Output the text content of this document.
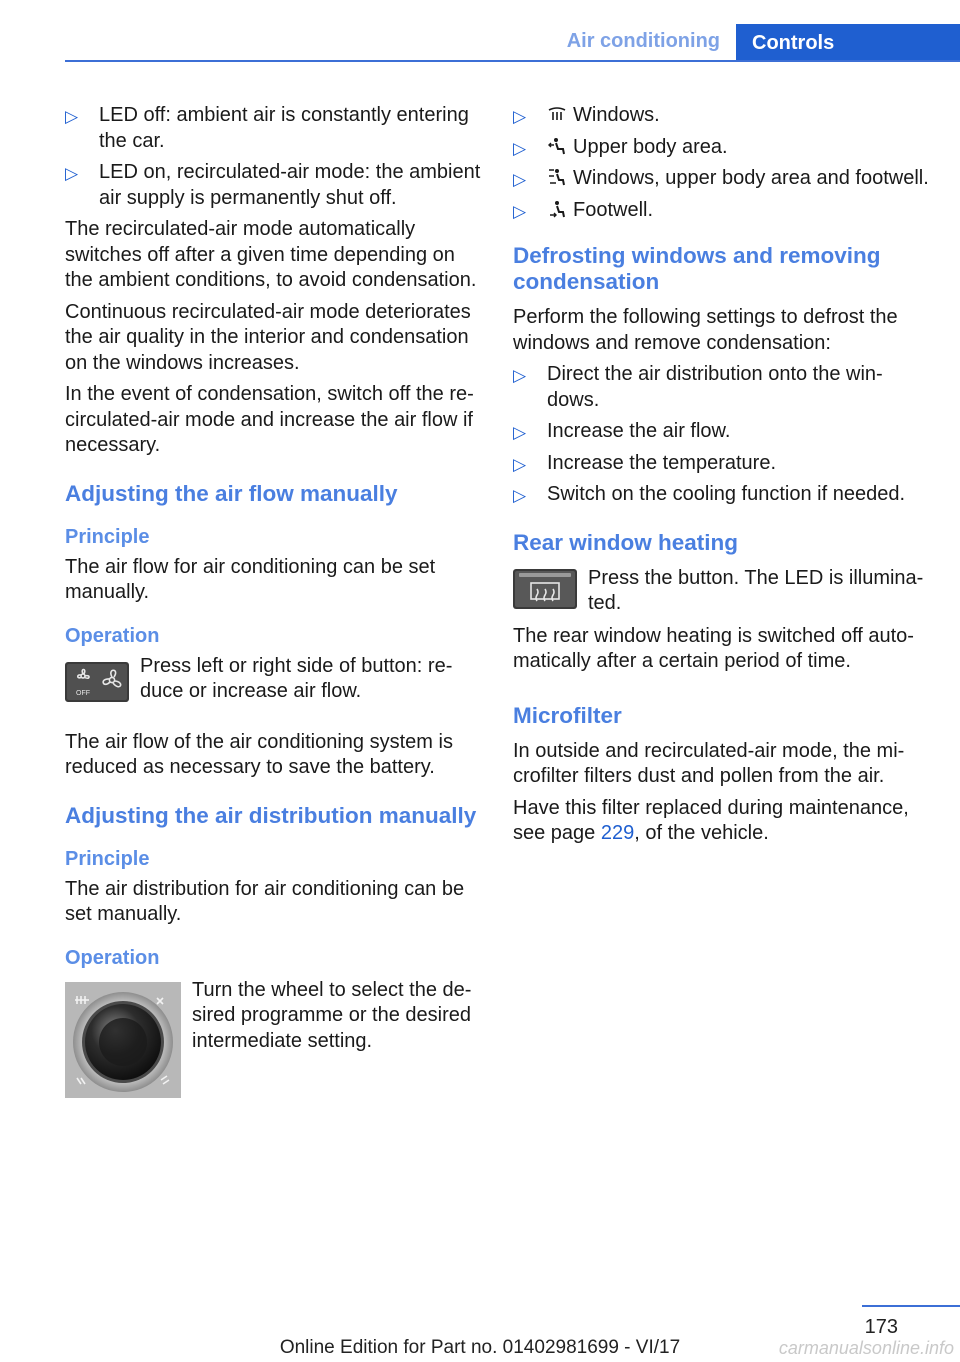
Air conditioning	Controls
▷ LED off: ambient air is constantly entering the car.
▷ LED on, recirculated-air mode: the ambient air supply is permanently shut off.

The recirculated-air mode automatically switches off after a given time depending on the ambient conditions, to avoid condensation.

Continuous recirculated-air mode deteriorates the air quality in the interior and condensation on the windows increases.

In the event of condensation, switch off the re-circulated-air mode and increase the air flow if necessary.

Adjusting the air flow manually
Principle

The air flow for air conditioning can be set manually.

Operation
OFF
Press left or right side of button: re-duce or increase air flow.

The air flow of the air conditioning system is reduced as necessary to save the battery.

Adjusting the air distribution manually
Principle

The air distribution for air conditioning can be set manually.

Operation
Turn the wheel to select the de-sired programme or the desired intermediate setting.
▷ Windows.
▷ Upper body area.
▷ Windows, upper body area and footwell.
▷ Footwell.
Defrosting windows and removing condensation

Perform the following settings to defrost the windows and remove condensation:

▷ Direct the air distribution onto the win-dows.
▷ Increase the air flow.
▷ Increase the temperature.
▷ Switch on the cooling function if needed.
Rear window heating
Press the button. The LED is illumina-ted.

The rear window heating is switched off auto-matically after a certain period of time.

Microfilter

In outside and recirculated-air mode, the mi-crofilter filters dust and pollen from the air.

Have this filter replaced during maintenance, see page 229, of the vehicle.

173
Online Edition for Part no. 01402981699 - VI/17	carmanualsonline.info
